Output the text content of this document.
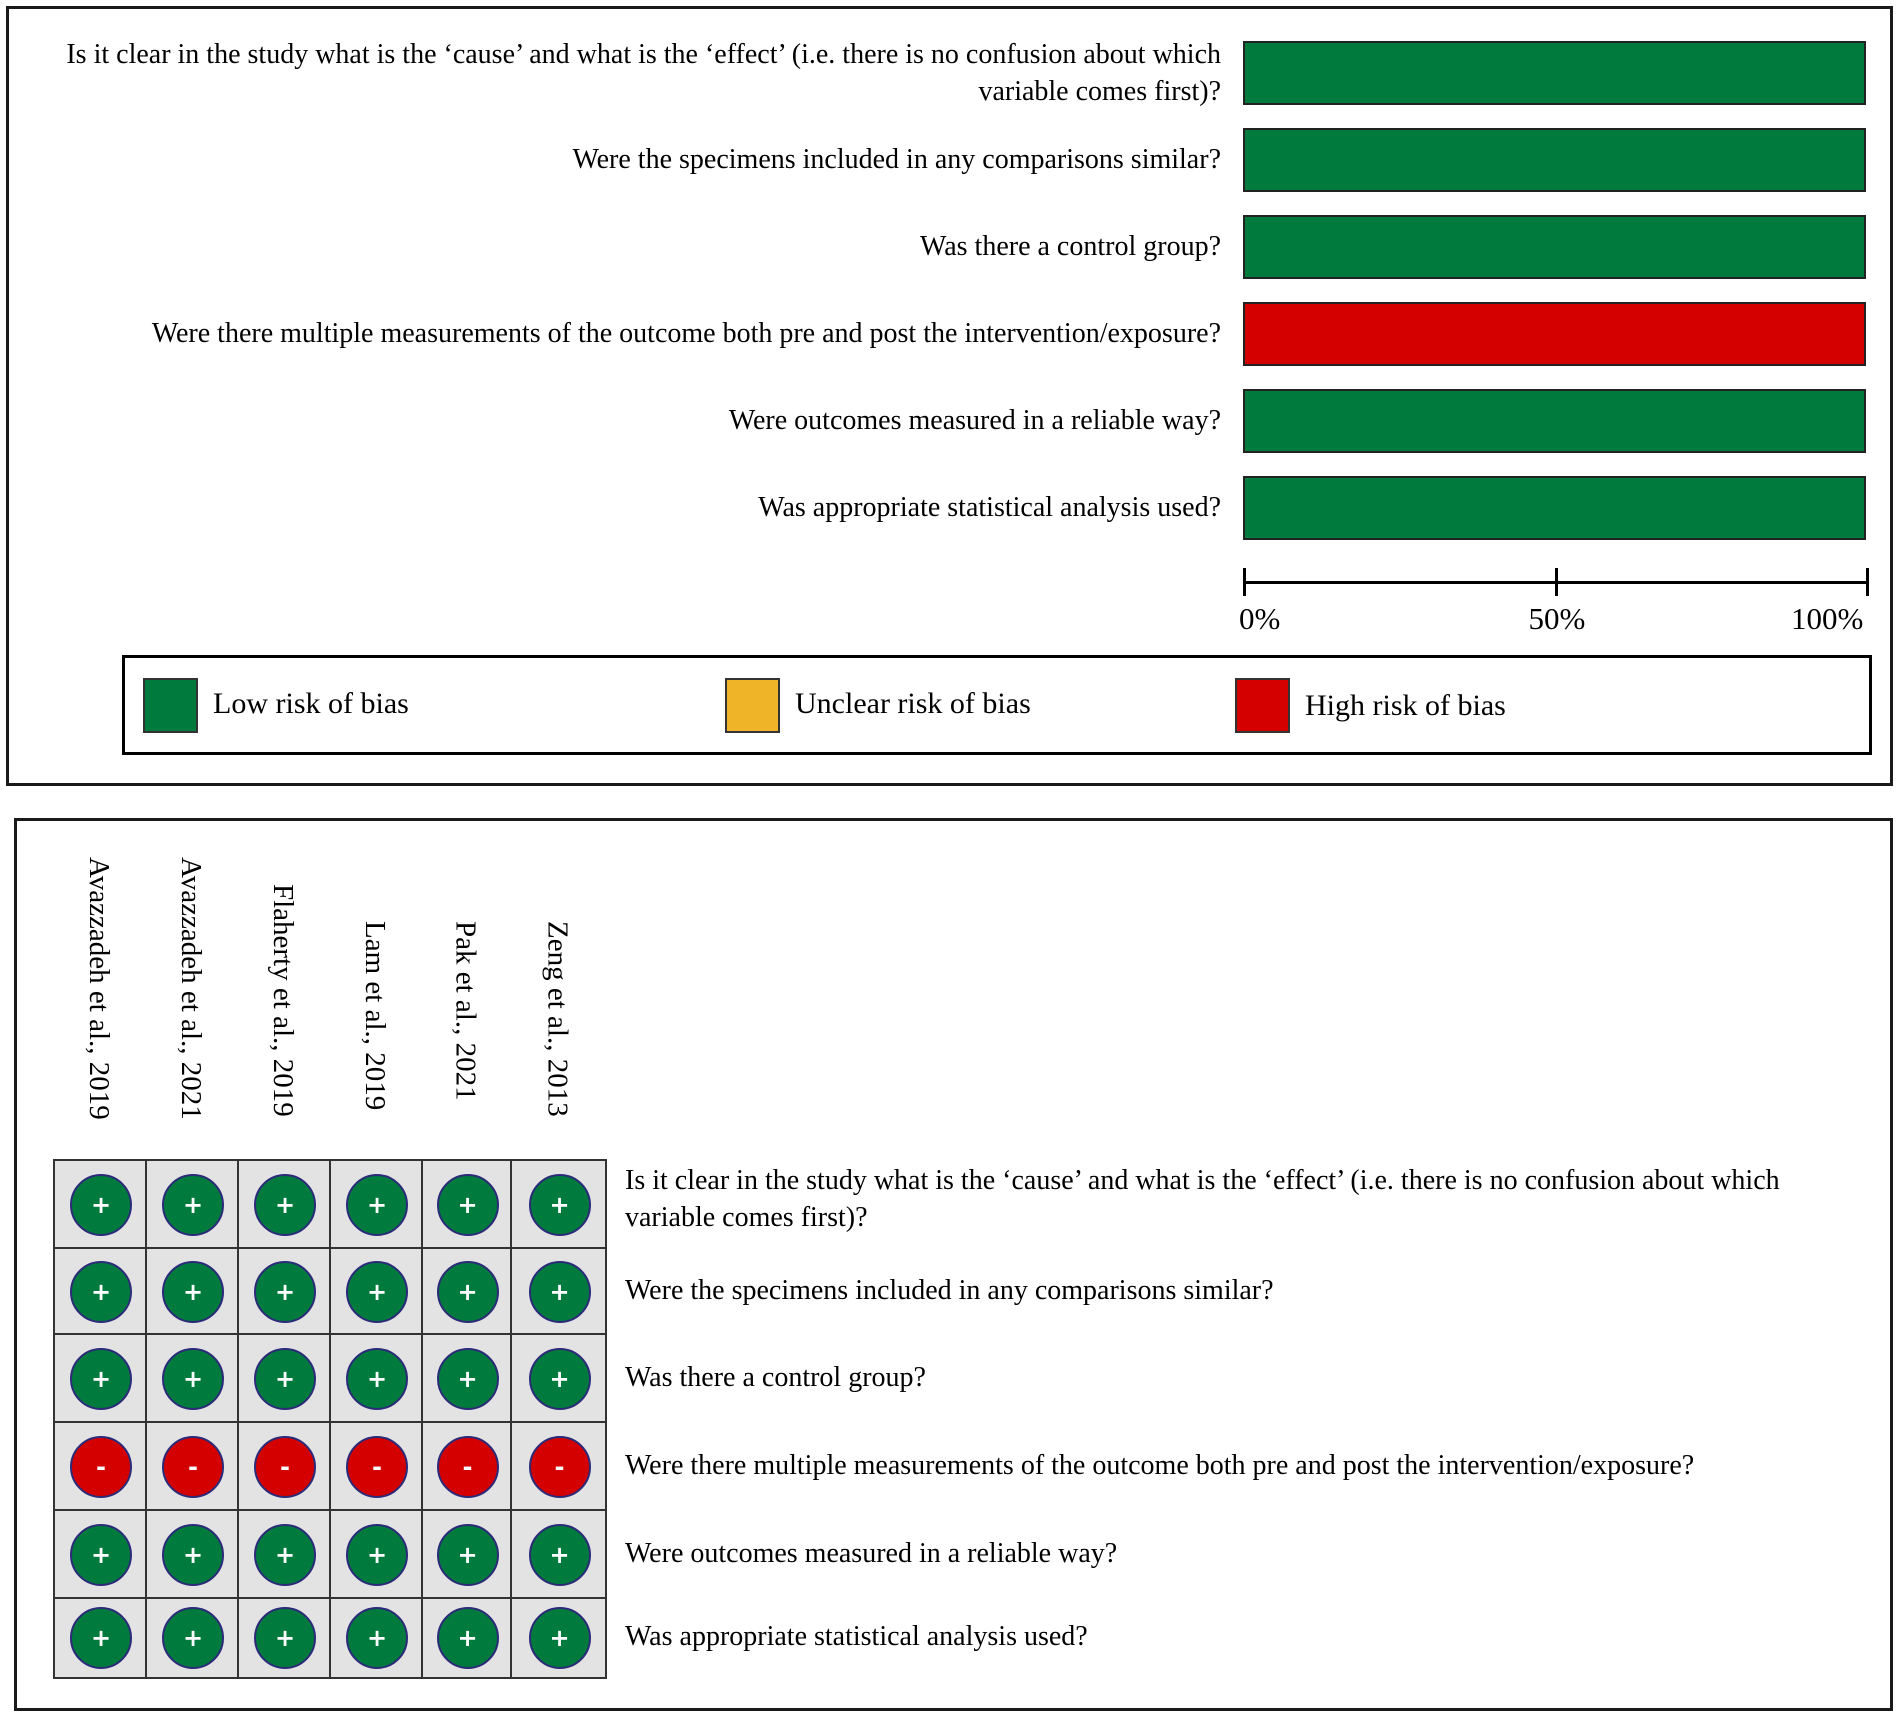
Is it clear in the study what is the ‘cause’ and what is the ‘effect’ (i.e. there is no confusion about which variable comes first)?
Were the specimens included in any comparisons similar?
Was there a control group?
Were there multiple measurements of the outcome both pre and post the intervention/exposure?
Were outcomes measured in a reliable way?
Was appropriate statistical analysis used?
0%	50%	100%
Low risk of bias	Unclear risk of bias	High risk of bias
Avazzadeh et al., 2019 Avazzadeh et al., 2021 Flaherty et al., 2019 Lam et al., 2019 Pak et al., 2021 Zeng et al., 2013
+	+	+	+	+	+
+	+	+	+	+	+
+	+	+	+	+	+
-	-	-	-	-	-
+	+	+	+	+	+
+	+	+	+	+	+
Is it clear in the study what is the ‘cause’ and what is the ‘effect’ (i.e. there is no confusion about which variable comes first)?
Were the specimens included in any comparisons similar?
Was there a control group?
Were there multiple measurements of the outcome both pre and post the intervention/exposure?
Were outcomes measured in a reliable way?
Was appropriate statistical analysis used?
